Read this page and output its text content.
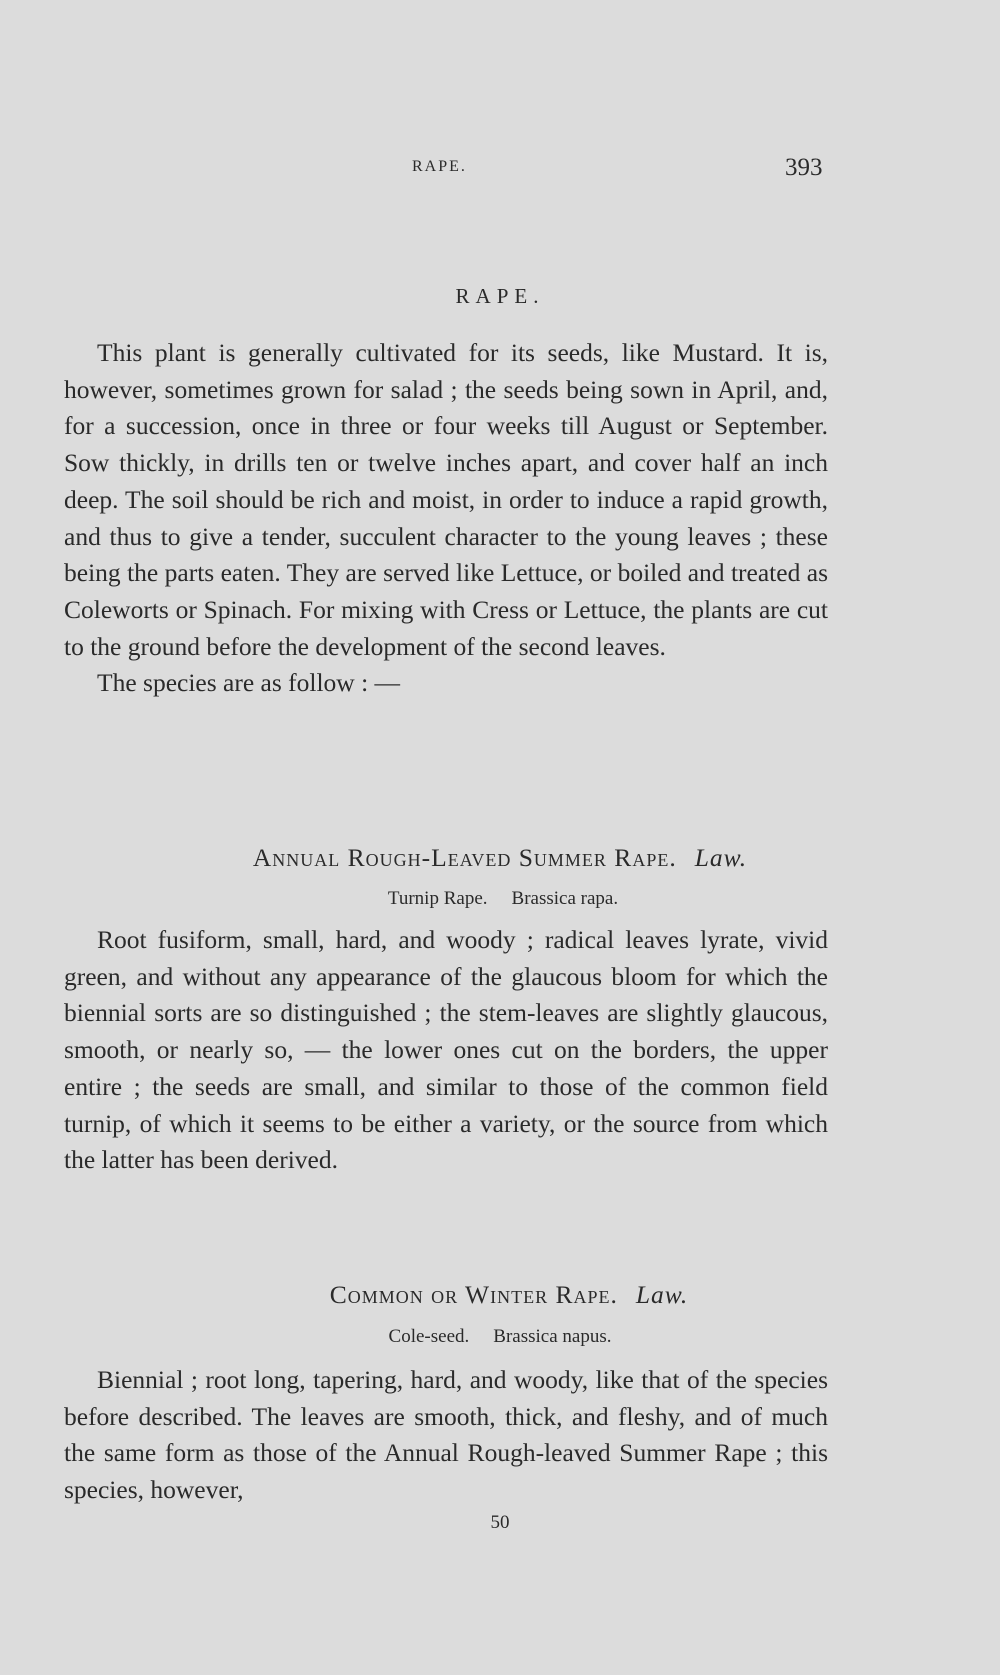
RAPE.	393
RAPE.

This plant is generally cultivated for its seeds, like Mustard. It is, however, sometimes grown for salad ; the seeds being sown in April, and, for a succession, once in three or four weeks till August or September. Sow thickly, in drills ten or twelve inches apart, and cover half an inch deep. The soil should be rich and moist, in order to induce a rapid growth, and thus to give a tender, succulent character to the young leaves ; these being the parts eaten. They are served like Lettuce, or boiled and treated as Coleworts or Spinach. For mixing with Cress or Lettuce, the plants are cut to the ground before the development of the second leaves.

The species are as follow : —

Annual Rough-Leaved Summer Rape. Law.
Turnip Rape. Brassica rapa.

Root fusiform, small, hard, and woody ; radical leaves lyrate, vivid green, and without any appearance of the glaucous bloom for which the biennial sorts are so distinguished ; the stem-leaves are slightly glaucous, smooth, or nearly so, — the lower ones cut on the borders, the upper entire ; the seeds are small, and similar to those of the common field turnip, of which it seems to be either a variety, or the source from which the latter has been derived.

Common or Winter Rape. Law.
Cole-seed. Brassica napus.

Biennial ; root long, tapering, hard, and woody, like that of the species before described. The leaves are smooth, thick, and fleshy, and of much the same form as those of the Annual Rough-leaved Summer Rape ; this species, however,

50
